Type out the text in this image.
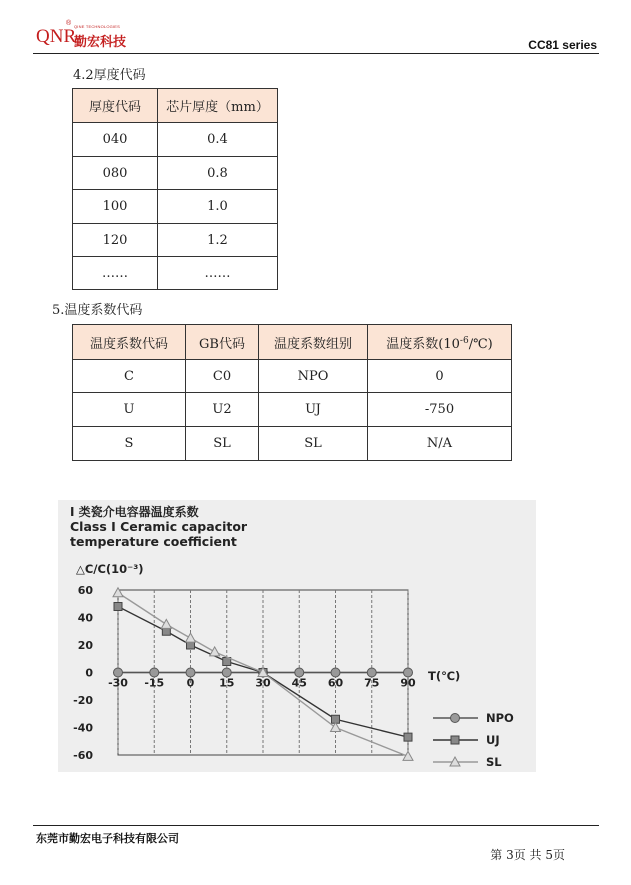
QNR
® QINE TECHNOLOGIES
勤宏科技	CC81 series
4.2厚度代码
厚度代码	芯片厚度（mm）
040	0.4
080	0.8
100	1.0
120	1.2
……	……
5.温度系数代码
温度系数代码	GB代码	温度系数组别	温度系数$(10^{-6}/℃)$
C	C0	NPO	0
U	U2	UJ	-750
S	SL	SL	N/A
I 类瓷介电容器温度系数
Class I Ceramic capacitor
temperature coefficient
△C/C(10⁻³)
T(℃)
60
40
20
0
-20
-40
-60
-30 -15 0 15 30 45 60 75 90
NPO
UJ
SL
东莞市勤宏电子科技有限公司
第 3页 共 5页
